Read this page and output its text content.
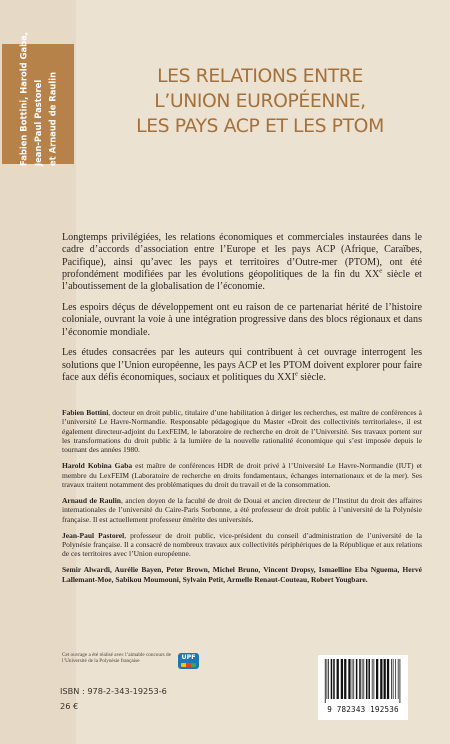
Fabien Bottini, Harold Gaba, Jean-Paul Pastorel et Arnaud de Raulin	LES RELATIONS ENTRE
L’UNION EUROPÉENNE,
LES PAYS ACP ET LES PTOM

Longtemps privilégiées, les relations économiques et commerciales instaurées dans le cadre d’accords d’association entre l’Europe et les pays ACP (Afrique, Caraïbes, Pacifique), ainsi qu’avec les pays et territoires d’Outre-mer (PTOM), ont été profondément modifiées par les évolutions géopolitiques de la fin du XXe siècle et l’aboutissement de la globalisation de l’économie.

Les espoirs déçus de développement ont eu raison de ce partenariat hérité de l’histoire coloniale, ouvrant la voie à une intégration progressive dans des blocs régionaux et dans l’économie mondiale.

Les études consacrées par les auteurs qui contribuent à cet ouvrage interrogent les solutions que l’Union européenne, les pays ACP et les PTOM doivent explorer pour faire face aux défis économiques, sociaux et politiques du XXIe siècle.

Fabien Bottini, docteur en droit public, titulaire d’une habilitation à diriger les recherches, est maître de conférences à l’université Le Havre-Normandie. Responsable pédagogique du Master «Droit des collectivités territoriales», il est également directeur-adjoint du LexFEIM, le laboratoire de recherche en droit de l’Université. Ses travaux portent sur les transformations du droit public à la lumière de la nouvelle rationalité économique qui s’est imposée depuis le tournant des années 1980.

Harold Kobina Gaba est maître de conférences HDR de droit privé à l’Université Le Havre-Normandie (IUT) et membre du LexFEIM (Laboratoire de recherche en droits fondamentaux, échanges internationaux et de la mer). Ses travaux traitent notamment des problématiques du droit du travail et de la consommation.

Arnaud de Raulin, ancien doyen de la faculté de droit de Douai et ancien directeur de l’Institut du droit des affaires internationales de l’université du Caire-Paris Sorbonne, a été professeur de droit public à l’université de la Polynésie française. Il est actuellement professeur émérite des universités.

Jean-Paul Pastorel, professeur de droit public, vice-président du conseil d’administration de l’université de la Polynésie française. Il a consacré de nombreux travaux aux collectivités périphériques de la République et aux relations de ces territoires avec l’Union européenne.

Semir Alwardi, Aurélie Bayen, Peter Brown, Michel Bruno, Vincent Dropsy, Ismaelline Eba Nguema, Hervé Lallemant-Moe, Sabikou Moumouni, Sylvain Petit, Armelle Renaut-Couteau, Robert Yougbare.

Cet ouvrage a été réalisé avec l’aimable concours de l’Université de la Polynésie française
UPF
ISBN : 978-2-343-19253-6
26 €	9 782343 192536
